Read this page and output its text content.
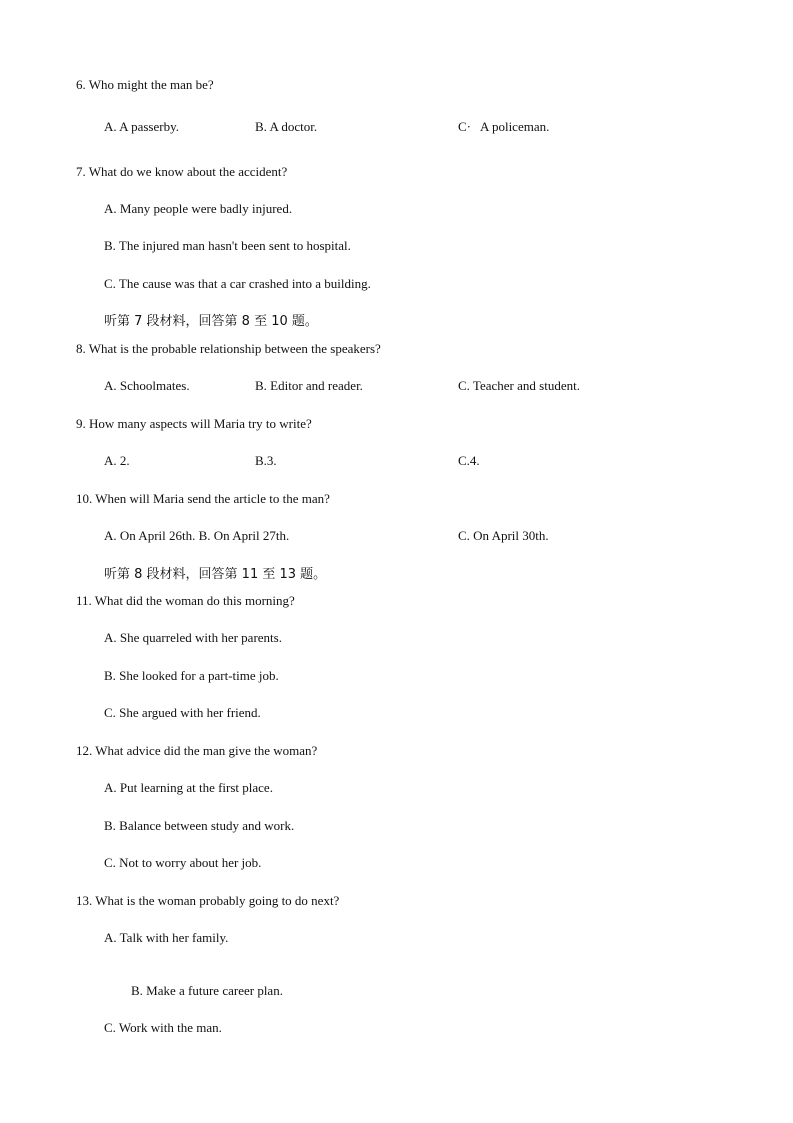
6. Who might the man be?
A. A passerby.	B. A doctor.	C·   A policeman.
7. What do we know about the accident?
A. Many people were badly injured.
B. The injured man hasn't been sent to hospital.
C. The cause was that a car crashed into a building.
听第 7 段材料，回答第 8 至 10 题。
8. What is the probable relationship between the speakers?
A. Schoolmates.	B. Editor and reader.	C. Teacher and student.
9. How many aspects will Maria try to write?
A. 2.	B.3.	C.4.
10. When will Maria send the article to the man?
A. On April 26th. B. On April 27th.	C. On April 30th.
听第 8 段材料，回答第 11 至 13 题。
11. What did the woman do this morning?
A. She quarreled with her parents.
B. She looked for a part-time job.
C. She argued with her friend.
12. What advice did the man give the woman?
A. Put learning at the first place.
B. Balance between study and work.
C. Not to worry about her job.
13. What is the woman probably going to do next?
A. Talk with her family.
B. Make a future career plan.
C. Work with the man.
